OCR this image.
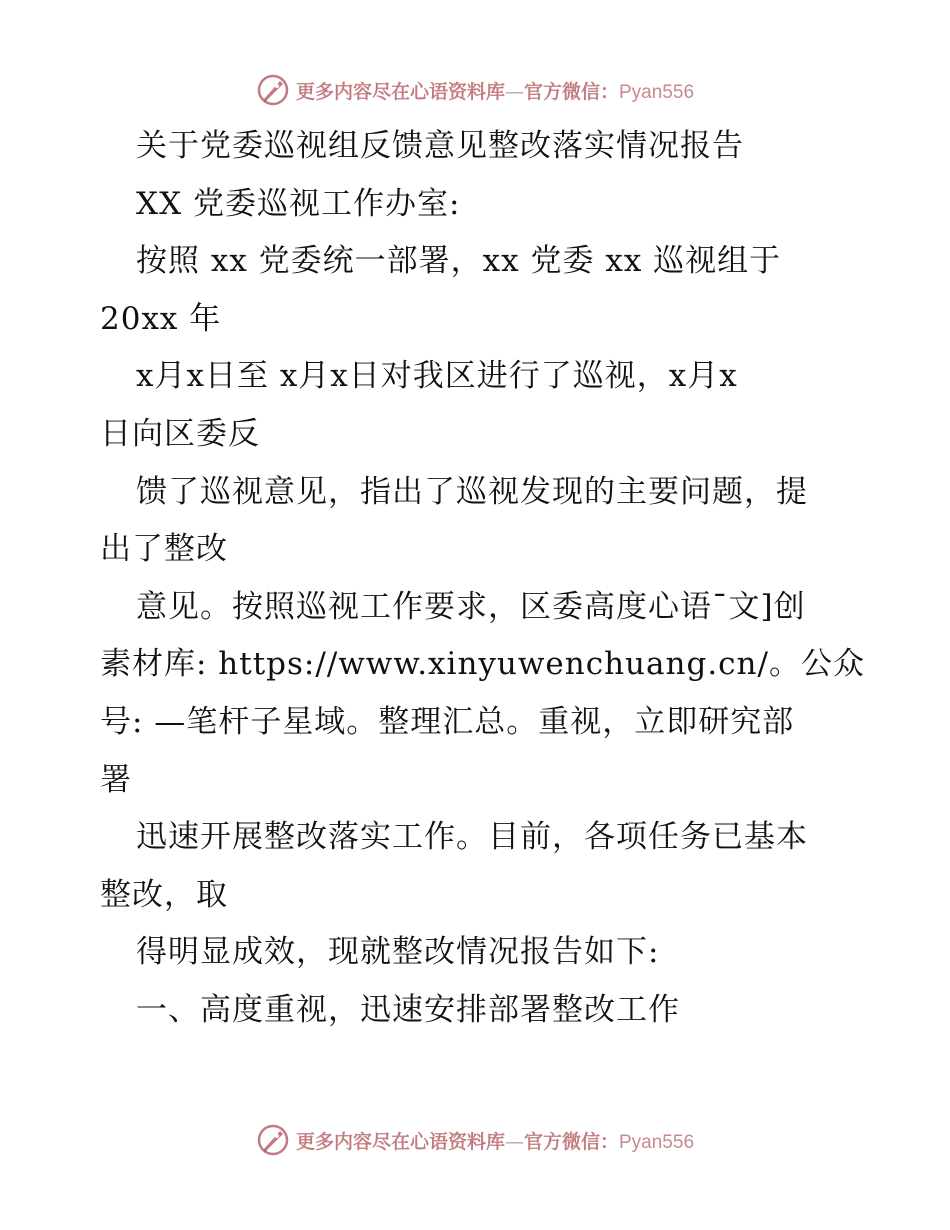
更多内容尽在心语资料库—官方微信：Pyan556
关于党委巡视组反馈意见整改落实情况报告
XX 党委巡视工作办室:
按照 xx 党委统一部署，xx 党委 xx 巡视组于
20xx 年
x月x日至 x月x日对我区进行了巡视，x月x
日向区委反
馈了巡视意见，指出了巡视发现的主要问题，提
出了整改
意见。按照巡视工作要求，区委高度心语¯文]创
素材库: https://www.xinyuwenchuang.cn/。公众
号: —笔杆子星域。整理汇总。重视，立即研究部
署
迅速开展整改落实工作。目前，各项任务已基本
整改，取
得明显成效，现就整改情况报告如下:
一、高度重视，迅速安排部署整改工作
更多内容尽在心语资料库—官方微信：Pyan556
